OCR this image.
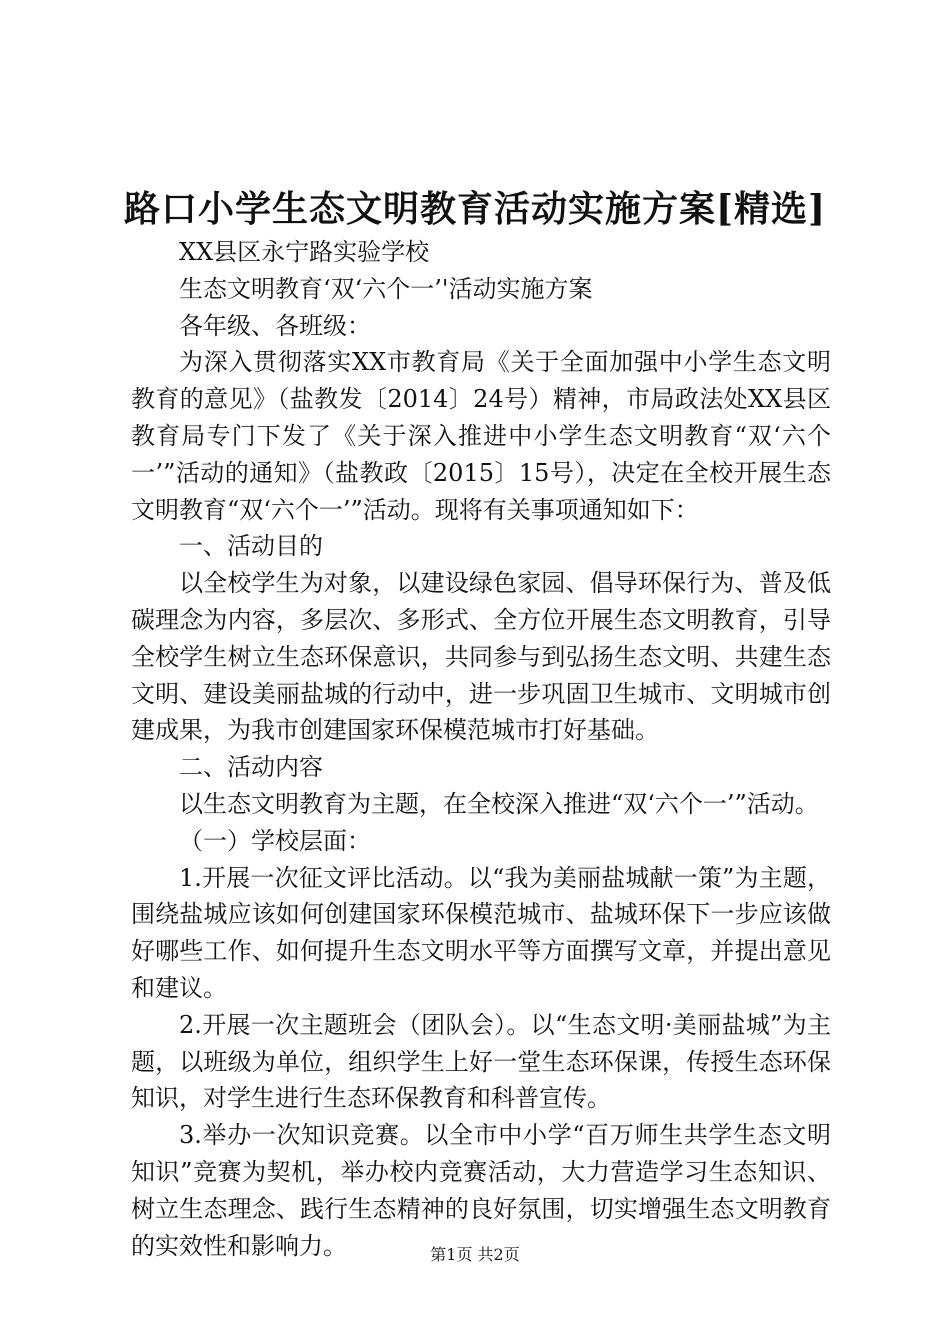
路口小学生态文明教育活动实施方案[精选]

XX县区永宁路实验学校

生态文明教育‘双‘六个一’'活动实施方案

各年级、各班级：

为深入贯彻落实XX市教育局《关于全面加强中小学生态文明教育的意见》（盐教发〔2014〕24号）精神，市局政法处XX县区教育局专门下发了《关于深入推进中小学生态文明教育“双‘六个一’”活动的通知》（盐教政〔2015〕15号），决定在全校开展生态文明教育“双‘六个一’”活动。现将有关事项通知如下：

一、活动目的

以全校学生为对象，以建设绿色家园、倡导环保行为、普及低碳理念为内容，多层次、多形式、全方位开展生态文明教育，引导全校学生树立生态环保意识，共同参与到弘扬生态文明、共建生态文明、建设美丽盐城的行动中，进一步巩固卫生城市、文明城市创建成果，为我市创建国家环保模范城市打好基础。

二、活动内容

以生态文明教育为主题，在全校深入推进“双‘六个一’”活动。

（一）学校层面：

1.开展一次征文评比活动。以“我为美丽盐城献一策”为主题，围绕盐城应该如何创建国家环保模范城市、盐城环保下一步应该做好哪些工作、如何提升生态文明水平等方面撰写文章，并提出意见和建议。

2.开展一次主题班会（团队会）。以“生态文明·美丽盐城”为主题，以班级为单位，组织学生上好一堂生态环保课，传授生态环保知识，对学生进行生态环保教育和科普宣传。

3.举办一次知识竞赛。以全市中小学“百万师生共学生态文明知识”竞赛为契机，举办校内竞赛活动，大力营造学习生态知识、树立生态理念、践行生态精神的良好氛围，切实增强生态文明教育的实效性和影响力。	第1页 共2页
